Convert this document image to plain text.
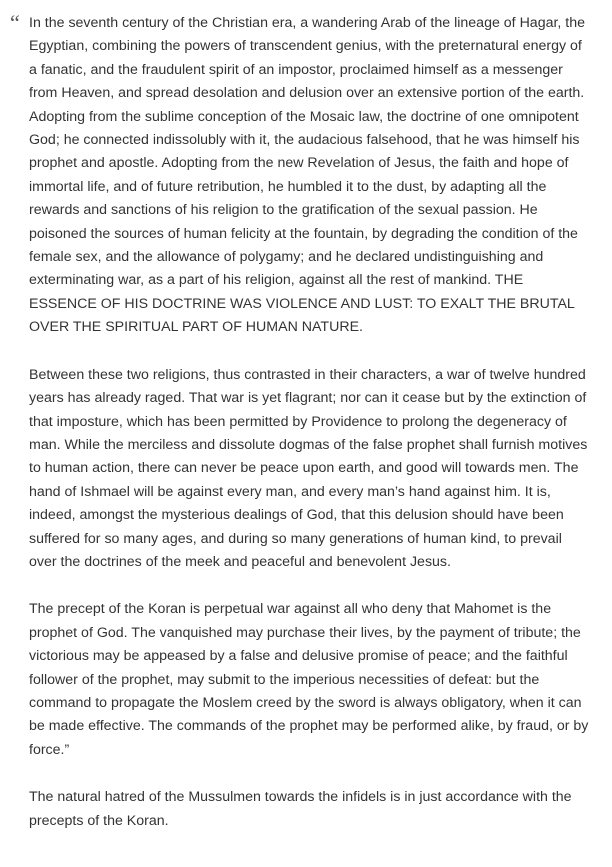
“ In the seventh century of the Christian era, a wandering Arab of the lineage of Hagar, the Egyptian, combining the powers of transcendent genius, with the preternatural energy of a fanatic, and the fraudulent spirit of an impostor, proclaimed himself as a messenger from Heaven, and spread desolation and delusion over an extensive portion of the earth. Adopting from the sublime conception of the Mosaic law, the doctrine of one omnipotent God; he connected indissolubly with it, the audacious falsehood, that he was himself his prophet and apostle. Adopting from the new Revelation of Jesus, the faith and hope of immortal life, and of future retribution, he humbled it to the dust, by adapting all the rewards and sanctions of his religion to the gratification of the sexual passion. He poisoned the sources of human felicity at the fountain, by degrading the condition of the female sex, and the allowance of polygamy; and he declared undistinguishing and exterminating war, as a part of his religion, against all the rest of mankind. THE ESSENCE OF HIS DOCTRINE WAS VIOLENCE AND LUST: TO EXALT THE BRUTAL OVER THE SPIRITUAL PART OF HUMAN NATURE.

Between these two religions, thus contrasted in their characters, a war of twelve hundred years has already raged. That war is yet flagrant; nor can it cease but by the extinction of that imposture, which has been permitted by Providence to prolong the degeneracy of man. While the merciless and dissolute dogmas of the false prophet shall furnish motives to human action, there can never be peace upon earth, and good will towards men. The hand of Ishmael will be against every man, and every man’s hand against him. It is, indeed, amongst the mysterious dealings of God, that this delusion should have been suffered for so many ages, and during so many generations of human kind, to prevail over the doctrines of the meek and peaceful and benevolent Jesus.

The precept of the Koran is perpetual war against all who deny that Mahomet is the prophet of God. The vanquished may purchase their lives, by the payment of tribute; the victorious may be appeased by a false and delusive promise of peace; and the faithful follower of the prophet, may submit to the imperious necessities of defeat: but the command to propagate the Moslem creed by the sword is always obligatory, when it can be made effective. The commands of the prophet may be performed alike, by fraud, or by force.”

The natural hatred of the Mussulmen towards the infidels is in just accordance with the precepts of the Koran.
